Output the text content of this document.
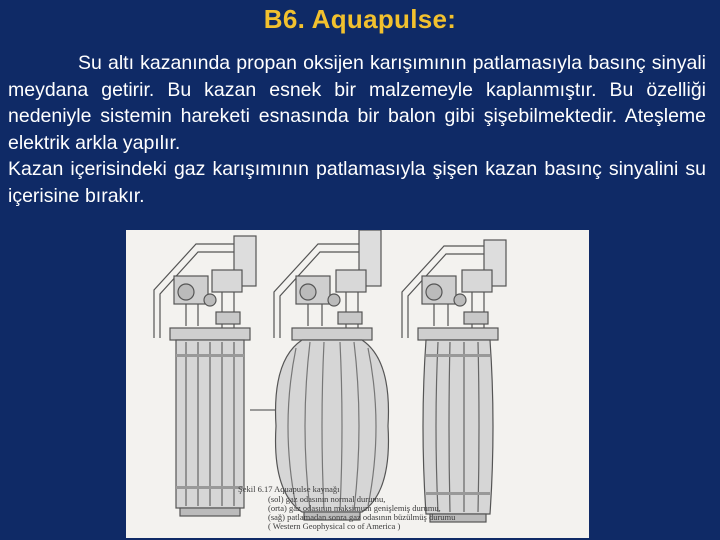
B6. Aquapulse:

Su altı kazanında propan oksijen karışımının patlamasıyla basınç sinyali meydana getirir. Bu kazan esnek bir malzemeyle kaplanmıştır. Bu özelliği nedeniyle sistemin hareketi esnasında bir balon gibi şişebilmektedir. Ateşleme elektrik arkla yapılır.

Kazan içerisindeki gaz karışımının patlamasıyla şişen kazan basınç sinyalini su içerisine bırakır.

Şekil 6.17 Aquapulse kaynağı
(sol) gaz odasının normal durumu,
(orta) gaz odasının maksimum genişlemiş durumu,
(sağ) patlamadan sonra gaz odasının büzülmüş durumu
( Western Geophysical co of America )
